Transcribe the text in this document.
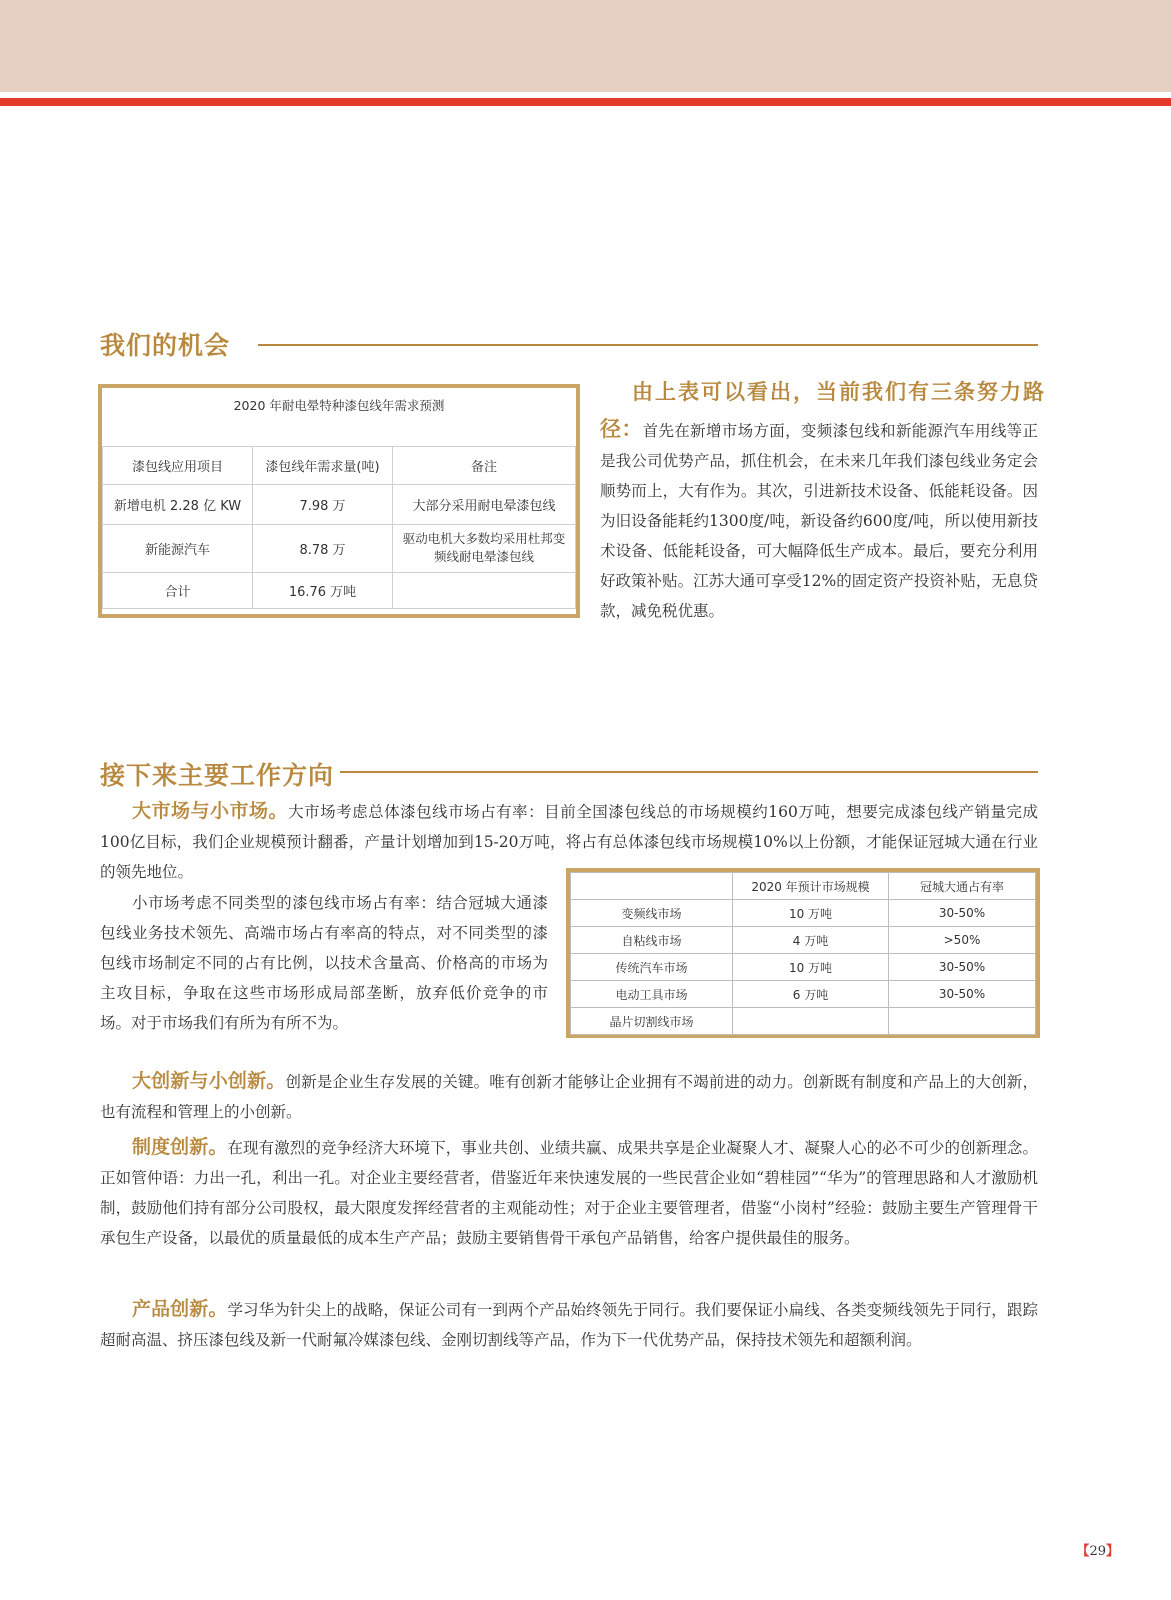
我们的机会
2020 年耐电晕特种漆包线年需求预测		
漆包线应用项目	漆包线年需求量(吨)	备注
新增电机 2.28 亿 KW	7.98 万	大部分采用耐电晕漆包线
新能源汽车	8.78 万	驱动电机大多数均采用杜邦变频线耐电晕漆包线
合计	16.76 万吨	
由上表可以看出，当前我们有三条努力路
径：首先在新增市场方面，变频漆包线和新能源汽车用线等正是我公司优势产品，抓住机会，在未来几年我们漆包线业务定会顺势而上，大有作为。其次，引进新技术设备、低能耗设备。因为旧设备能耗约1300度/吨，新设备约600度/吨，所以使用新技术设备、低能耗设备，可大幅降低生产成本。最后，要充分利用好政策补贴。江苏大通可享受12%的固定资产投资补贴，无息贷款，减免税优惠。
接下来主要工作方向
大市场与小市场。大市场考虑总体漆包线市场占有率：目前全国漆包线总的市场规模约160万吨，想要完成漆包线产销量完成100亿目标，我们企业规模预计翻番，产量计划增加到15-20万吨，将占有总体漆包线市场规模10%以上份额，才能保证冠城大通在行业的领先地位。
小市场考虑不同类型的漆包线市场占有率：结合冠城大通漆包线业务技术领先、高端市场占有率高的特点，对不同类型的漆包线市场制定不同的占有比例，以技术含量高、价格高的市场为主攻目标，争取在这些市场形成局部垄断，放弃低价竞争的市场。对于市场我们有所为有所不为。
	2020 年预计市场规模	冠城大通占有率
变频线市场	10 万吨	30-50%
自粘线市场	4 万吨	>50%
传统汽车市场	10 万吨	30-50%
电动工具市场	6 万吨	30-50%
晶片切割线市场		
大创新与小创新。创新是企业生存发展的关键。唯有创新才能够让企业拥有不竭前进的动力。创新既有制度和产品上的大创新，也有流程和管理上的小创新。
制度创新。在现有激烈的竞争经济大环境下，事业共创、业绩共赢、成果共享是企业凝聚人才、凝聚人心的必不可少的创新理念。正如管仲语：力出一孔，利出一孔。对企业主要经营者，借鉴近年来快速发展的一些民营企业如“碧桂园”“华为”的管理思路和人才激励机制，鼓励他们持有部分公司股权，最大限度发挥经营者的主观能动性；对于企业主要管理者，借鉴“小岗村”经验：鼓励主要生产管理骨干承包生产设备，以最优的质量最低的成本生产产品；鼓励主要销售骨干承包产品销售，给客户提供最佳的服务。
产品创新。学习华为针尖上的战略，保证公司有一到两个产品始终领先于同行。我们要保证小扁线、各类变频线领先于同行，跟踪超耐高温、挤压漆包线及新一代耐氟冷媒漆包线、金刚切割线等产品，作为下一代优势产品，保持技术领先和超额利润。
【29】
